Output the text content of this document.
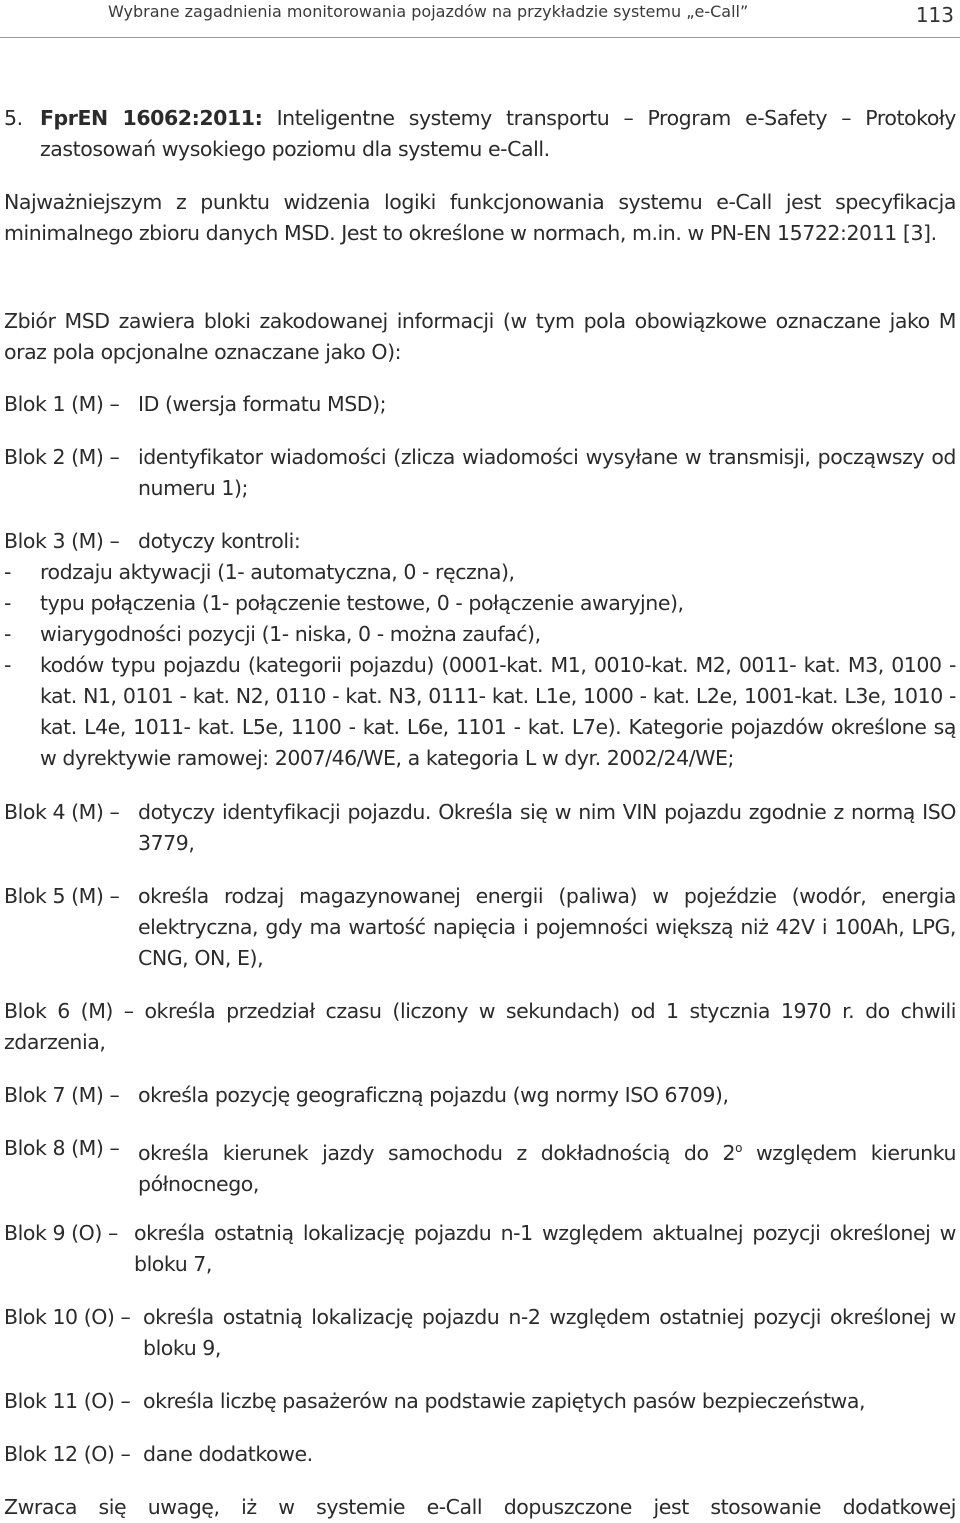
Wybrane zagadnienia monitorowania pojazdów na przykładzie systemu „e-Call”	113
5. FprEN 16062:2011: Inteligentne systemy transportu – Program e-Safety – Protokoły zastosowań wysokiego poziomu dla systemu e-Call.
Najważniejszym z punktu widzenia logiki funkcjonowania systemu e-Call jest specyfikacja minimalnego zbioru danych MSD. Jest to określone w normach, m.in. w PN-EN 15722:2011 [3].
Zbiór MSD zawiera bloki zakodowanej informacji (w tym pola obowiązkowe oznaczane jako M oraz pola opcjonalne oznaczane jako O):
Blok 1 (M) – ID (wersja formatu MSD);
Blok 2 (M) – identyfikator wiadomości (zlicza wiadomości wysyłane w transmisji, począwszy od numeru 1);
Blok 3 (M) – dotyczy kontroli:
- rodzaju aktywacji (1- automatyczna, 0 - ręczna),
- typu połączenia (1- połączenie testowe, 0 - połączenie awaryjne),
- wiarygodności pozycji (1- niska, 0 - można zaufać),
- kodów typu pojazdu (kategorii pojazdu) (0001-kat. M1, 0010-kat. M2, 0011- kat. M3, 0100 - kat. N1, 0101 - kat. N2, 0110 - kat. N3, 0111- kat. L1e, 1000 - kat. L2e, 1001-kat. L3e, 1010 - kat. L4e, 1011- kat. L5e, 1100 - kat. L6e, 1101 - kat. L7e). Kategorie pojazdów określone są w dyrektywie ramowej: 2007/46/WE, a kategoria L w dyr. 2002/24/WE;
Blok 4 (M) – dotyczy identyfikacji pojazdu. Określa się w nim VIN pojazdu zgodnie z normą ISO 3779,
Blok 5 (M) – określa rodzaj magazynowanej energii (paliwa) w pojeździe (wodór, energia elektryczna, gdy ma wartość napięcia i pojemności większą niż 42V i 100Ah, LPG, CNG, ON, E),
Blok 6 (M) – określa przedział czasu (liczony w sekundach) od 1 stycznia 1970 r. do chwili zdarzenia,
Blok 7 (M) – określa pozycję geograficzną pojazdu (wg normy ISO 6709),
Blok 8 (M) – określa kierunek jazdy samochodu z dokładnością do 2$^o$ względem kierunku północnego,
Blok 9 (O) – określa ostatnią lokalizację pojazdu n-1 względem aktualnej pozycji określonej w bloku 7,
Blok 10 (O) – określa ostatnią lokalizację pojazdu n-2 względem ostatniej pozycji określonej w bloku 9,
Blok 11 (O) – określa liczbę pasażerów na podstawie zapiętych pasów bezpieczeństwa,
Blok 12 (O) – dane dodatkowe.
Zwraca się uwagę, iż w systemie e-Call dopuszczone jest stosowanie dodatkowej
